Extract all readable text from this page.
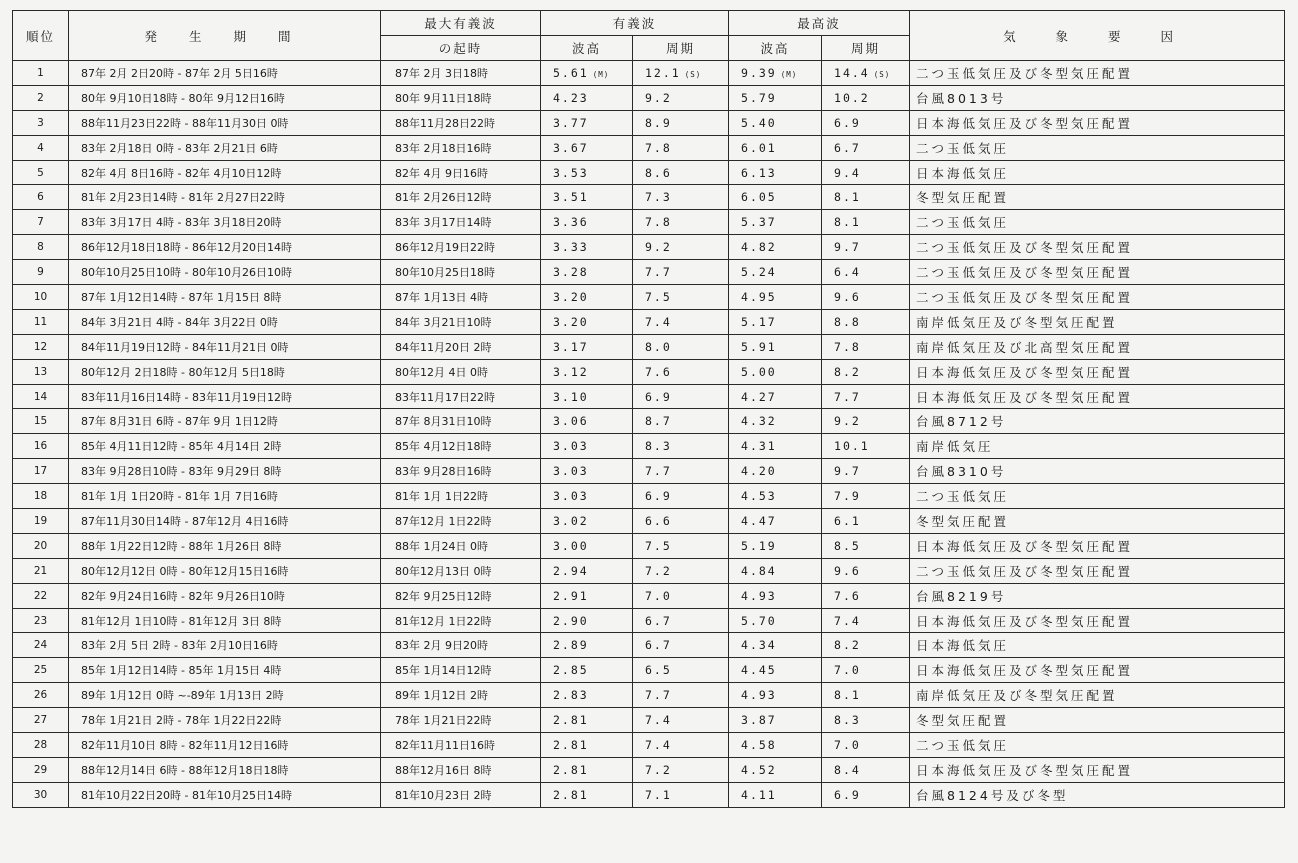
順位	発 生 期 間	最大有義波	有義波		最高波		気 象 要 因
		の起時	波高	周期	波高	周期	
1	87年 2月 2日20時 - 87年 2月 5日16時	87年 2月 3日18時	5.61 (M)	12.1 (S)	9.39 (M)	14.4 (S)	二つ玉低気圧及び冬型気圧配置
2	80年 9月10日18時 - 80年 9月12日16時	80年 9月11日18時	4.23	9.2	5.79	10.2	台風8013号
3	88年11月23日22時 - 88年11月30日 0時	88年11月28日22時	3.77	8.9	5.40	6.9	日本海低気圧及び冬型気圧配置
4	83年 2月18日 0時 - 83年 2月21日 6時	83年 2月18日16時	3.67	7.8	6.01	6.7	二つ玉低気圧
5	82年 4月 8日16時 - 82年 4月10日12時	82年 4月 9日16時	3.53	8.6	6.13	9.4	日本海低気圧
6	81年 2月23日14時 - 81年 2月27日22時	81年 2月26日12時	3.51	7.3	6.05	8.1	冬型気圧配置
7	83年 3月17日 4時 - 83年 3月18日20時	83年 3月17日14時	3.36	7.8	5.37	8.1	二つ玉低気圧
8	86年12月18日18時 - 86年12月20日14時	86年12月19日22時	3.33	9.2	4.82	9.7	二つ玉低気圧及び冬型気圧配置
9	80年10月25日10時 - 80年10月26日10時	80年10月25日18時	3.28	7.7	5.24	6.4	二つ玉低気圧及び冬型気圧配置
10	87年 1月12日14時 - 87年 1月15日 8時	87年 1月13日 4時	3.20	7.5	4.95	9.6	二つ玉低気圧及び冬型気圧配置
11	84年 3月21日 4時 - 84年 3月22日 0時	84年 3月21日10時	3.20	7.4	5.17	8.8	南岸低気圧及び冬型気圧配置
12	84年11月19日12時 - 84年11月21日 0時	84年11月20日 2時	3.17	8.0	5.91	7.8	南岸低気圧及び北高型気圧配置
13	80年12月 2日18時 - 80年12月 5日18時	80年12月 4日 0時	3.12	7.6	5.00	8.2	日本海低気圧及び冬型気圧配置
14	83年11月16日14時 - 83年11月19日12時	83年11月17日22時	3.10	6.9	4.27	7.7	日本海低気圧及び冬型気圧配置
15	87年 8月31日 6時 - 87年 9月 1日12時	87年 8月31日10時	3.06	8.7	4.32	9.2	台風8712号
16	85年 4月11日12時 - 85年 4月14日 2時	85年 4月12日18時	3.03	8.3	4.31	10.1	南岸低気圧
17	83年 9月28日10時 - 83年 9月29日 8時	83年 9月28日16時	3.03	7.7	4.20	9.7	台風8310号
18	81年 1月 1日20時 - 81年 1月 7日16時	81年 1月 1日22時	3.03	6.9	4.53	7.9	二つ玉低気圧
19	87年11月30日14時 - 87年12月 4日16時	87年12月 1日22時	3.02	6.6	4.47	6.1	冬型気圧配置
20	88年 1月22日12時 - 88年 1月26日 8時	88年 1月24日 0時	3.00	7.5	5.19	8.5	日本海低気圧及び冬型気圧配置
21	80年12月12日 0時 - 80年12月15日16時	80年12月13日 0時	2.94	7.2	4.84	9.6	二つ玉低気圧及び冬型気圧配置
22	82年 9月24日16時 - 82年 9月26日10時	82年 9月25日12時	2.91	7.0	4.93	7.6	台風8219号
23	81年12月 1日10時 - 81年12月 3日 8時	81年12月 1日22時	2.90	6.7	5.70	7.4	日本海低気圧及び冬型気圧配置
24	83年 2月 5日 2時 - 83年 2月10日16時	83年 2月 9日20時	2.89	6.7	4.34	8.2	日本海低気圧
25	85年 1月12日14時 - 85年 1月15日 4時	85年 1月14日12時	2.85	6.5	4.45	7.0	日本海低気圧及び冬型気圧配置
26	89年 1月12日 0時 ~-89年 1月13日 2時	89年 1月12日 2時	2.83	7.7	4.93	8.1	南岸低気圧及び冬型気圧配置
27	78年 1月21日 2時 - 78年 1月22日22時	78年 1月21日22時	2.81	7.4	3.87	8.3	冬型気圧配置
28	82年11月10日 8時 - 82年11月12日16時	82年11月11日16時	2.81	7.4	4.58	7.0	二つ玉低気圧
29	88年12月14日 6時 - 88年12月18日18時	88年12月16日 8時	2.81	7.2	4.52	8.4	日本海低気圧及び冬型気圧配置
30	81年10月22日20時 - 81年10月25日14時	81年10月23日 2時	2.81	7.1	4.11	6.9	台風8124号及び冬型
